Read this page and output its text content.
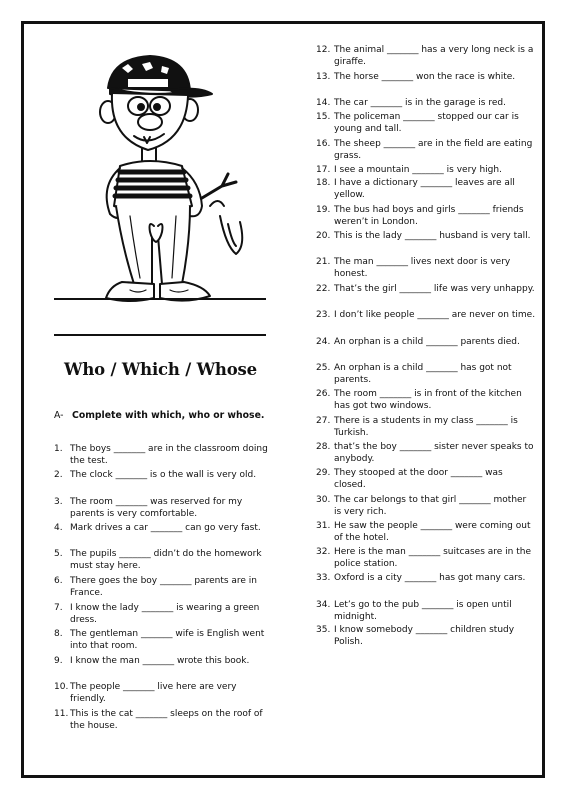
Who / Which / Whose
A- Complete with which, who or whose.
1. The boys _______ are in the classroom doing the test.
2. The clock _______ is o the wall is very old.
3. The room _______ was reserved for my parents is very comfortable.
4. Mark drives a car _______ can go very fast.
5. The pupils _______ didn’t do the homework must stay here.
6. There goes the boy _______ parents are in France.
7. I know the lady _______ is wearing a green dress.
8. The gentleman _______ wife is English went into that room.
9. I know the man _______ wrote this book.
10. The people _______ live here are very friendly.
11. This is the cat _______ sleeps on the roof of the house.
12. The animal _______ has a very long neck is a giraffe.
13. The horse _______ won the race is white.
14. The car _______ is in the garage is red.
15. The policeman _______ stopped our car is young and tall.
16. The sheep _______ are in the field are eating grass.
17. I see a mountain _______ is very high.
18. I have a dictionary _______ leaves are all yellow.
19. The bus had boys and girls _______ friends weren’t in London.
20. This is the lady _______ husband is very tall.
21. The man _______ lives next door is very honest.
22. That’s the girl _______ life was very unhappy.
23. I don’t like people _______ are never on time.
24. An orphan is a child _______ parents died.
25. An orphan is a child _______ has got not parents.
26. The room _______ is in front of the kitchen has got two windows.
27. There is a students in my class _______ is Turkish.
28. that’s the boy _______ sister never speaks to anybody.
29. They stooped at the door _______ was closed.
30. The car belongs to that girl _______ mother is very rich.
31. He saw the people _______ were coming out of the hotel.
32. Here is the man _______ suitcases are in the police station.
33. Oxford is a city _______ has got many cars.
34. Let’s go to the pub _______ is open until midnight.
35. I know somebody _______ children study Polish.
